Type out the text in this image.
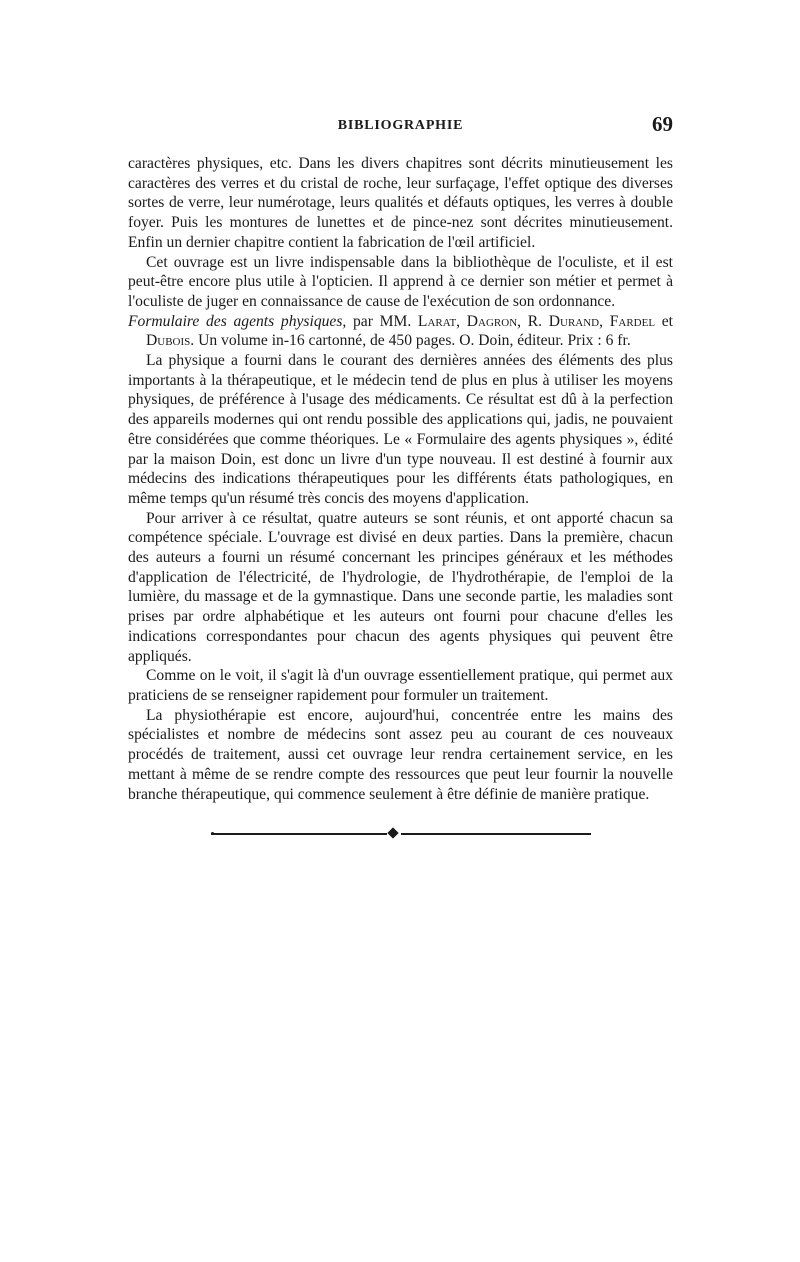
BIBLIOGRAPHIE	69

caractères physiques, etc. Dans les divers chapitres sont décrits minutieusement les caractères des verres et du cristal de roche, leur surfaçage, l'effet optique des diverses sortes de verre, leur numérotage, leurs qualités et défauts optiques, les verres à double foyer. Puis les montures de lunettes et de pince-nez sont décrites minutieusement. Enfin un dernier chapitre contient la fabrication de l'œil artificiel.

Cet ouvrage est un livre indispensable dans la bibliothèque de l'oculiste, et il est peut-être encore plus utile à l'opticien. Il apprend à ce dernier son métier et permet à l'oculiste de juger en connaissance de cause de l'exécution de son ordonnance.

Formulaire des agents physiques, par MM. Larat, Dagron, R. Durand, Fardel et Dubois. Un volume in-16 cartonné, de 450 pages. O. Doin, éditeur. Prix : 6 fr.

La physique a fourni dans le courant des dernières années des éléments des plus importants à la thérapeutique, et le médecin tend de plus en plus à utiliser les moyens physiques, de préférence à l'usage des médicaments. Ce résultat est dû à la perfection des appareils modernes qui ont rendu possible des applications qui, jadis, ne pouvaient être considérées que comme théoriques. Le « Formulaire des agents physiques », édité par la maison Doin, est donc un livre d'un type nouveau. Il est destiné à fournir aux médecins des indications thérapeutiques pour les différents états pathologiques, en même temps qu'un résumé très concis des moyens d'application.

Pour arriver à ce résultat, quatre auteurs se sont réunis, et ont apporté chacun sa compétence spéciale. L'ouvrage est divisé en deux parties. Dans la première, chacun des auteurs a fourni un résumé concernant les principes généraux et les méthodes d'application de l'électricité, de l'hydrologie, de l'hydrothérapie, de l'emploi de la lumière, du massage et de la gymnastique. Dans une seconde partie, les maladies sont prises par ordre alphabétique et les auteurs ont fourni pour chacune d'elles les indications correspondantes pour chacun des agents physiques qui peuvent être appliqués.

Comme on le voit, il s'agit là d'un ouvrage essentiellement pratique, qui permet aux praticiens de se renseigner rapidement pour formuler un traitement.

La physiothérapie est encore, aujourd'hui, concentrée entre les mains des spécialistes et nombre de médecins sont assez peu au courant de ces nouveaux procédés de traitement, aussi cet ouvrage leur rendra certainement service, en les mettant à même de se rendre compte des ressources que peut leur fournir la nouvelle branche thérapeutique, qui commence seulement à être définie de manière pratique.
